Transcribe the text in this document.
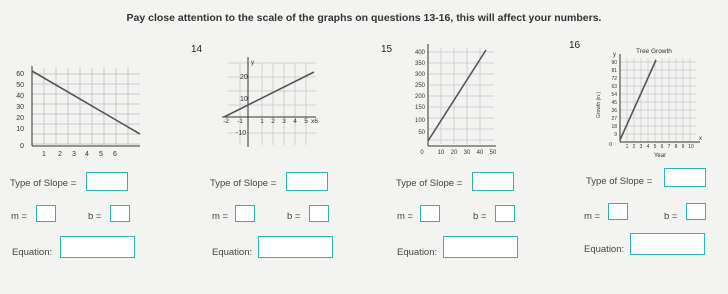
Pay close attention to the scale of the graphs on questions 13-16, this will affect your numbers.
14	15	16
60
50
40
30
20
10
0
1 2 3 4 5 6
y
x
20
10
-10
-2 -1	1 2 3 4 5 6
400
350
300
250
200
150
100
50
0 10 20 30 40 50
Tree Growth
y
x
90
81
72
63
54
45
36
27
18
9
0
Growth (in.)
1 2 3 4 5 6 7 8 9 10
Year
Type of Slope =	Type of Slope =	Type of Slope =	Type of Slope =
m =	b =	m =	b =	m =	b =	m =	b =
Equation:	Equation:	Equation:	Equation:
